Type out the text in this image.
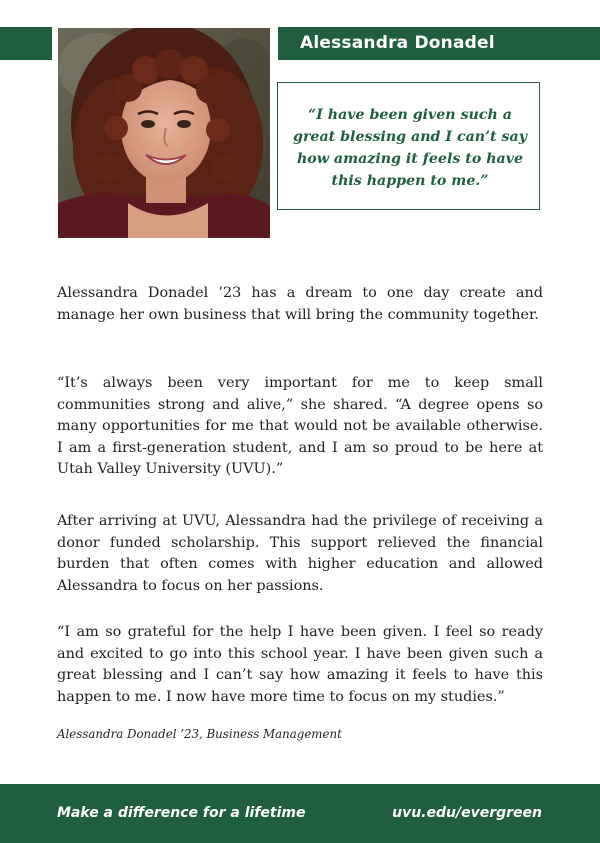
Alessandra Donadel
“I have been given such a great blessing and I can’t say how amazing it feels to have this happen to me.”
Alessandra Donadel ’23 has a dream to one day create and manage her own business that will bring the community together.
“It’s always been very important for me to keep small communities strong and alive,” she shared. “A degree opens so many opportunities for me that would not be available otherwise. I am a first-generation student, and I am so proud to be here at Utah Valley University (UVU).”
After arriving at UVU, Alessandra had the privilege of receiving a donor funded scholarship. This support relieved the financial burden that often comes with higher education and allowed Alessandra to focus on her passions.
“I am so grateful for the help I have been given. I feel so ready and excited to go into this school year. I have been given such a great blessing and I can’t say how amazing it feels to have this happen to me. I now have more time to focus on my studies.”
Alessandra Donadel ’23, Business Management
Make a difference for a lifetime	uvu.edu/evergreen
